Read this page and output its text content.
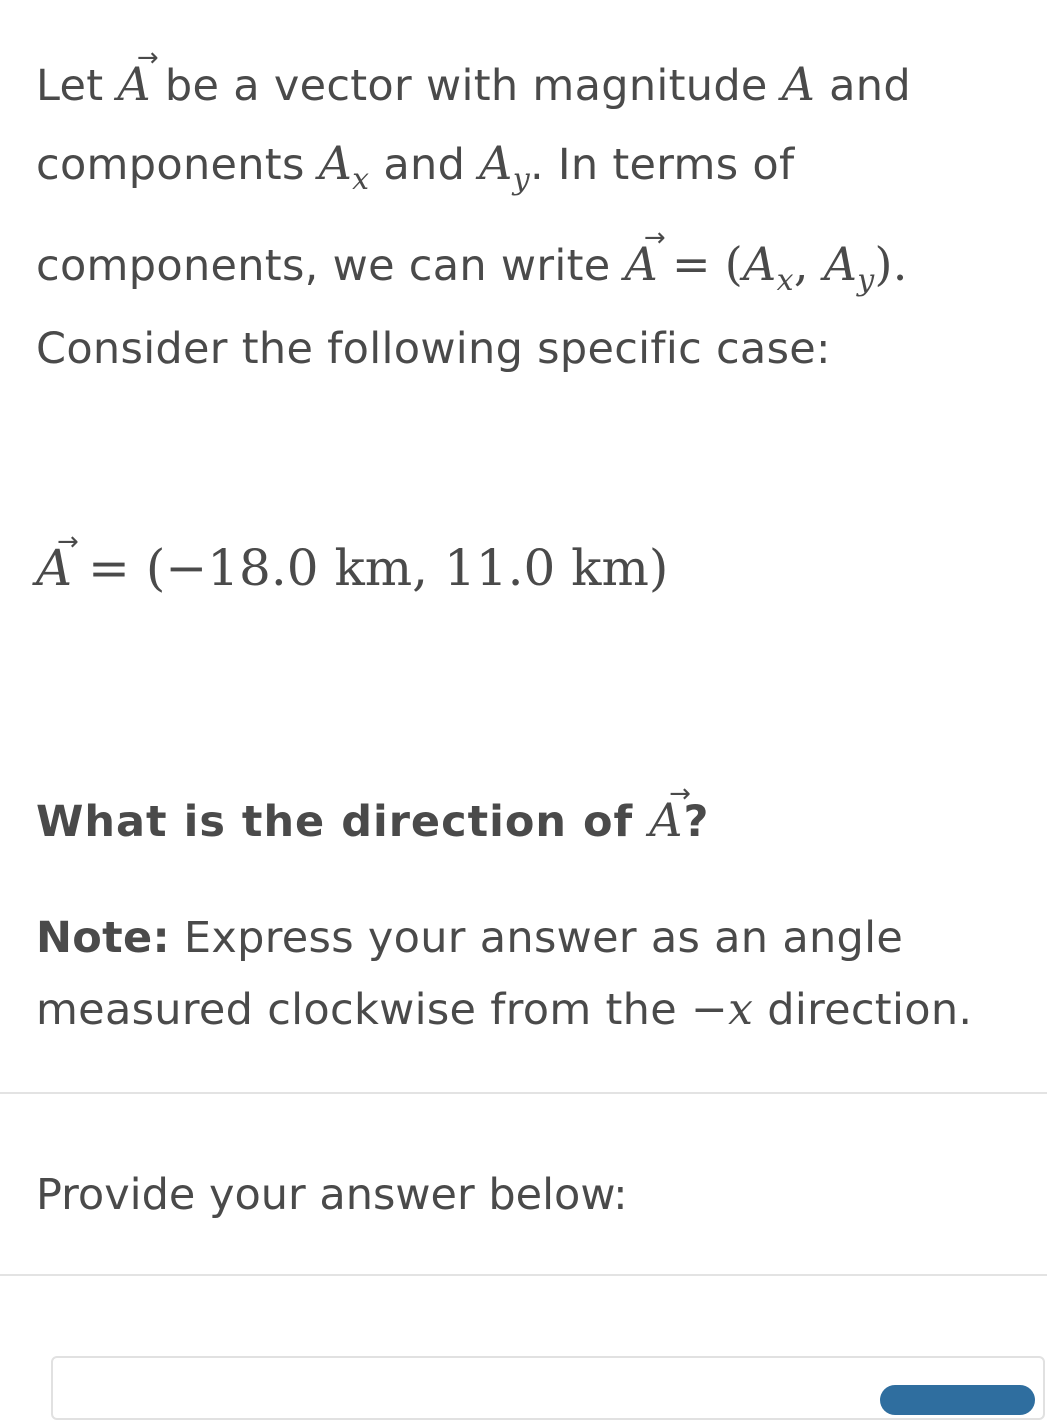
Let → A be a vector with magnitude A and
components $A_x$ and $A_y$. In terms of
components, we can write → $A = (A_x$, $A_y$).
Consider the following specific case:
→ A = (−18.0 km, 11.0 km)
What is the direction of → A?
Note: Express your answer as an angle measured clockwise from the −x direction.
Provide your answer below:
